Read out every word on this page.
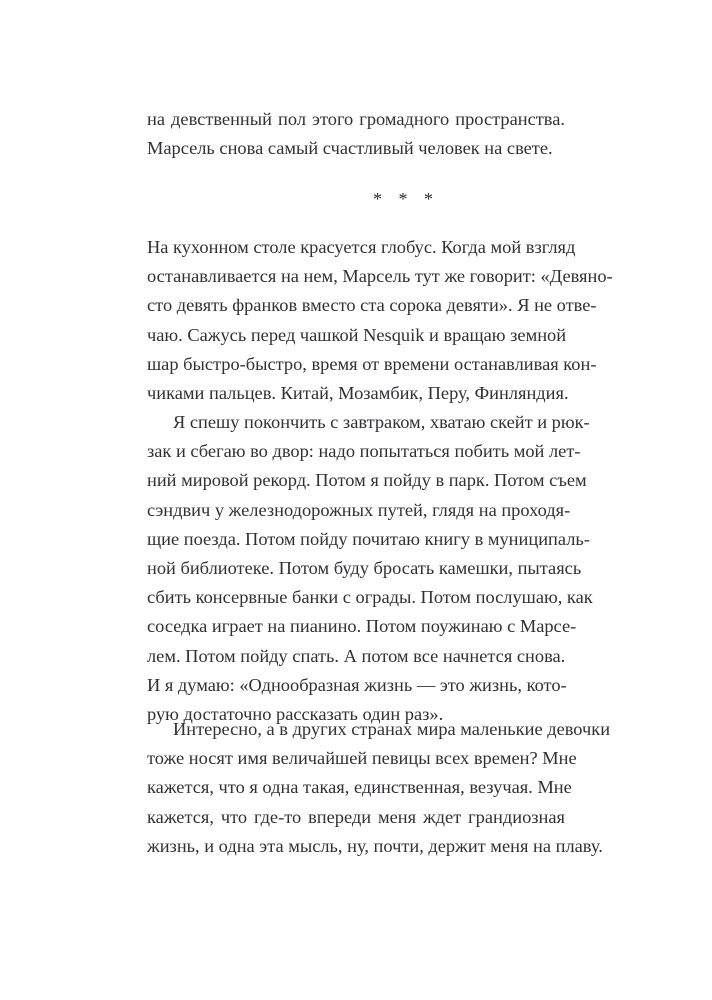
на девственный пол этого громадного пространства.
Марсель снова самый счастливый человек на свете.
* * *
На кухонном столе красуется глобус. Когда мой взгляд
останавливается на нем, Марсель тут же говорит: «Девяно-
сто девять франков вместо ста сорока девяти». Я не отве-
чаю. Сажусь перед чашкой Nesquik и вращаю земной
шар быстро-быстро, время от времени останавливая кон-
чиками пальцев. Китай, Мозамбик, Перу, Финляндия.
Я спешу покончить с завтраком, хватаю скейт и рюк-
зак и сбегаю во двор: надо попытаться побить мой лет-
ний мировой рекорд. Потом я пойду в парк. Потом съем
сэндвич у железнодорожных путей, глядя на проходя-
щие поезда. Потом пойду почитаю книгу в муниципаль-
ной библиотеке. Потом буду бросать камешки, пытаясь
сбить консервные банки с ограды. Потом послушаю, как
соседка играет на пианино. Потом поужинаю с Марсе-
лем. Потом пойду спать. А потом все начнется снова.
И я думаю: «Однообразная жизнь — это жизнь, кото-
рую достаточно рассказать один раз».
Интересно, а в других странах мира маленькие девочки
тоже носят имя величайшей певицы всех времен? Мне
кажется, что я одна такая, единственная, везучая. Мне
кажется, что где-то впереди меня ждет грандиозная
жизнь, и одна эта мысль, ну, почти, держит меня на плаву.
